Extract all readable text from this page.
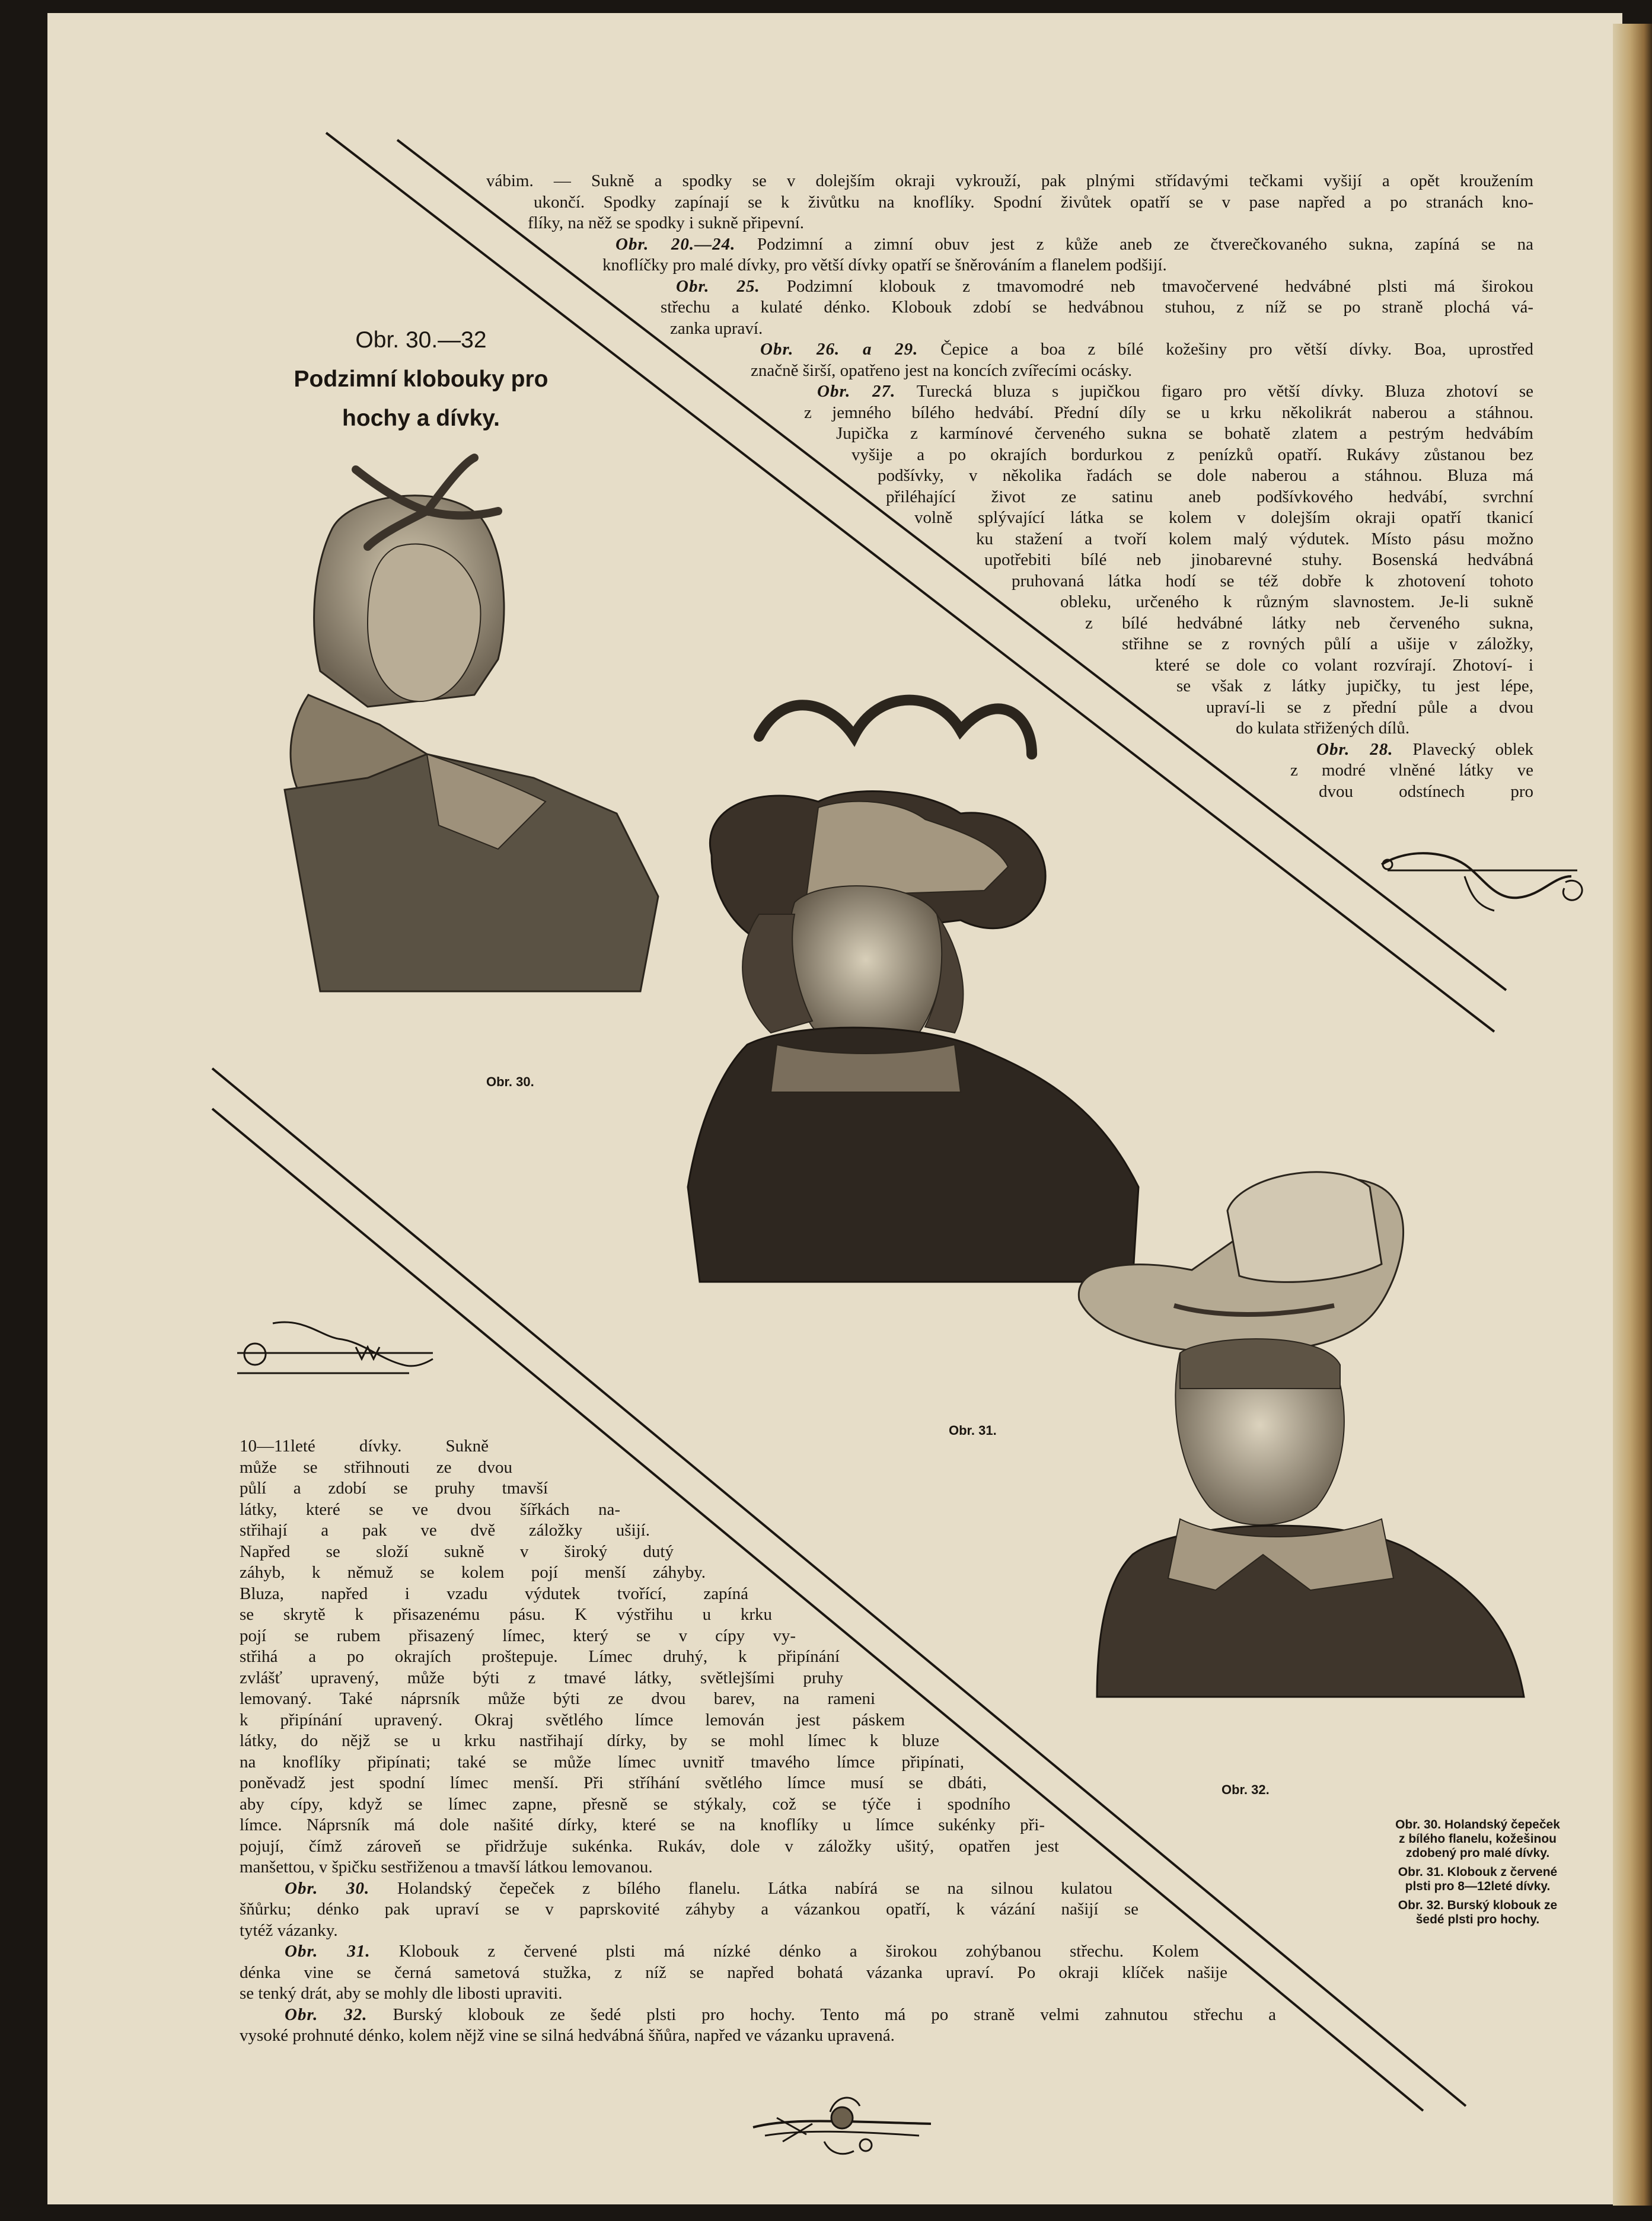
Obr. 30.—32
Podzimní klobouky pro
hochy a dívky.
vábim. — Sukně a spodky se v dolejším okraji vykrouží, pak plnými střídavými tečkami vyšijí a opět kroužením
ukončí. Spodky zapínají se k živůtku na knoflíky. Spodní živůtek opatří se v pase napřed a po stranách kno-
flíky, na něž se spodky i sukně připevní.
Obr. 20.—24. Podzimní a zimní obuv jest z kůže aneb ze čtverečkovaného sukna, zapíná se na
knoflíčky pro malé dívky, pro větší dívky opatří se šněrováním a flanelem podšijí.
Obr. 25. Podzimní klobouk z tmavomodré neb tmavočervené hedvábné plsti má širokou
střechu a kulaté dénko. Klobouk zdobí se hedvábnou stuhou, z níž se po straně plochá vá-
zanka upraví.
Obr. 26. a 29. Čepice a boa z bílé kožešiny pro větší dívky. Boa, uprostřed
značně širší, opatřeno jest na koncích zvířecími ocásky.
Obr. 27. Turecká bluza s jupičkou figaro pro větší dívky. Bluza zhotoví se
z jemného bílého hedvábí. Přední díly se u krku několikrát naberou a stáhnou.
Jupička z karmínové červeného sukna se bohatě zlatem a pestrým hedvábím
vyšije a po okrajích bordurkou z penízků opatří. Rukávy zůstanou bez
podšívky, v několika řadách se dole naberou a stáhnou. Bluza má
přiléhající život ze satinu aneb podšívkového hedvábí, svrchní
volně splývající látka se kolem v dolejším okraji opatří tkanicí
ku stažení a tvoří kolem malý výdutek. Místo pásu možno
upotřebiti bílé neb jinobarevné stuhy. Bosenská hedvábná
pruhovaná látka hodí se též dobře k zhotovení tohoto
obleku, určeného k různým slavnostem. Je-li sukně
z bílé hedvábné látky neb červeného sukna,
střihne se z rovných půlí a ušije v záložky,
které se dole co volant rozvírají. Zhotoví- i
se však z látky jupičky, tu jest lépe,
upraví-li se z přední půle a dvou
do kulata střižených dílů.
Obr. 28. Plavecký oblek
z modré vlněné látky ve
dvou odstínech pro
Obr. 30.
Obr. 31.
Obr. 32.
Obr. 30. Holandský čepeček
z bílého flanelu, kožešinou
zdobený pro malé dívky.
Obr. 31. Klobouk z červené
plsti pro 8—12leté dívky.
Obr. 32. Burský klobouk ze
šedé plsti pro hochy.
10—11leté dívky. Sukně
může se střihnouti ze dvou
půlí a zdobí se pruhy tmavší
látky, které se ve dvou šířkách na-
střihají a pak ve dvě záložky ušijí.
Napřed se složí sukně v široký dutý
záhyb, k němuž se kolem pojí menší záhyby.
Bluza, napřed i vzadu výdutek tvořící, zapíná
se skrytě k přisazenému pásu. K výstřihu u krku
pojí se rubem přisazený límec, který se v cípy vy-
střihá a po okrajích proštepuje. Límec druhý, k připínání
zvlášť upravený, může býti z tmavé látky, světlejšími pruhy
lemovaný. Také náprsník může býti ze dvou barev, na rameni
k připínání upravený. Okraj světlého límce lemován jest páskem
látky, do nějž se u krku nastřihají dírky, by se mohl límec k bluze
na knoflíky připínati; také se může límec uvnitř tmavého límce připínati,
poněvadž jest spodní límec menší. Při stříhání světlého límce musí se dbáti,
aby cípy, když se límec zapne, přesně se stýkaly, což se týče i spodního
límce. Náprsník má dole našité dírky, které se na knoflíky u límce sukénky při-
pojují, čímž zároveň se přidržuje sukénka. Rukáv, dole v záložky ušitý, opatřen jest
manšettou, v špičku sestřiženou a tmavší látkou lemovanou.
Obr. 30. Holandský čepeček z bílého flanelu. Látka nabírá se na silnou kulatou
šňůrku; dénko pak upraví se v paprskovité záhyby a vázankou opatří, k vázání našijí se
tytéž vázanky.
Obr. 31. Klobouk z červené plsti má nízké dénko a širokou zohýbanou střechu. Kolem
dénka vine se černá sametová stužka, z níž se napřed bohatá vázanka upraví. Po okraji klíček našije
se tenký drát, aby se mohly dle libosti upraviti.
Obr. 32. Burský klobouk ze šedé plsti pro hochy. Tento má po straně velmi zahnutou střechu a
vysoké prohnuté dénko, kolem nějž vine se silná hedvábná šňůra, napřed ve vázanku upravená.
